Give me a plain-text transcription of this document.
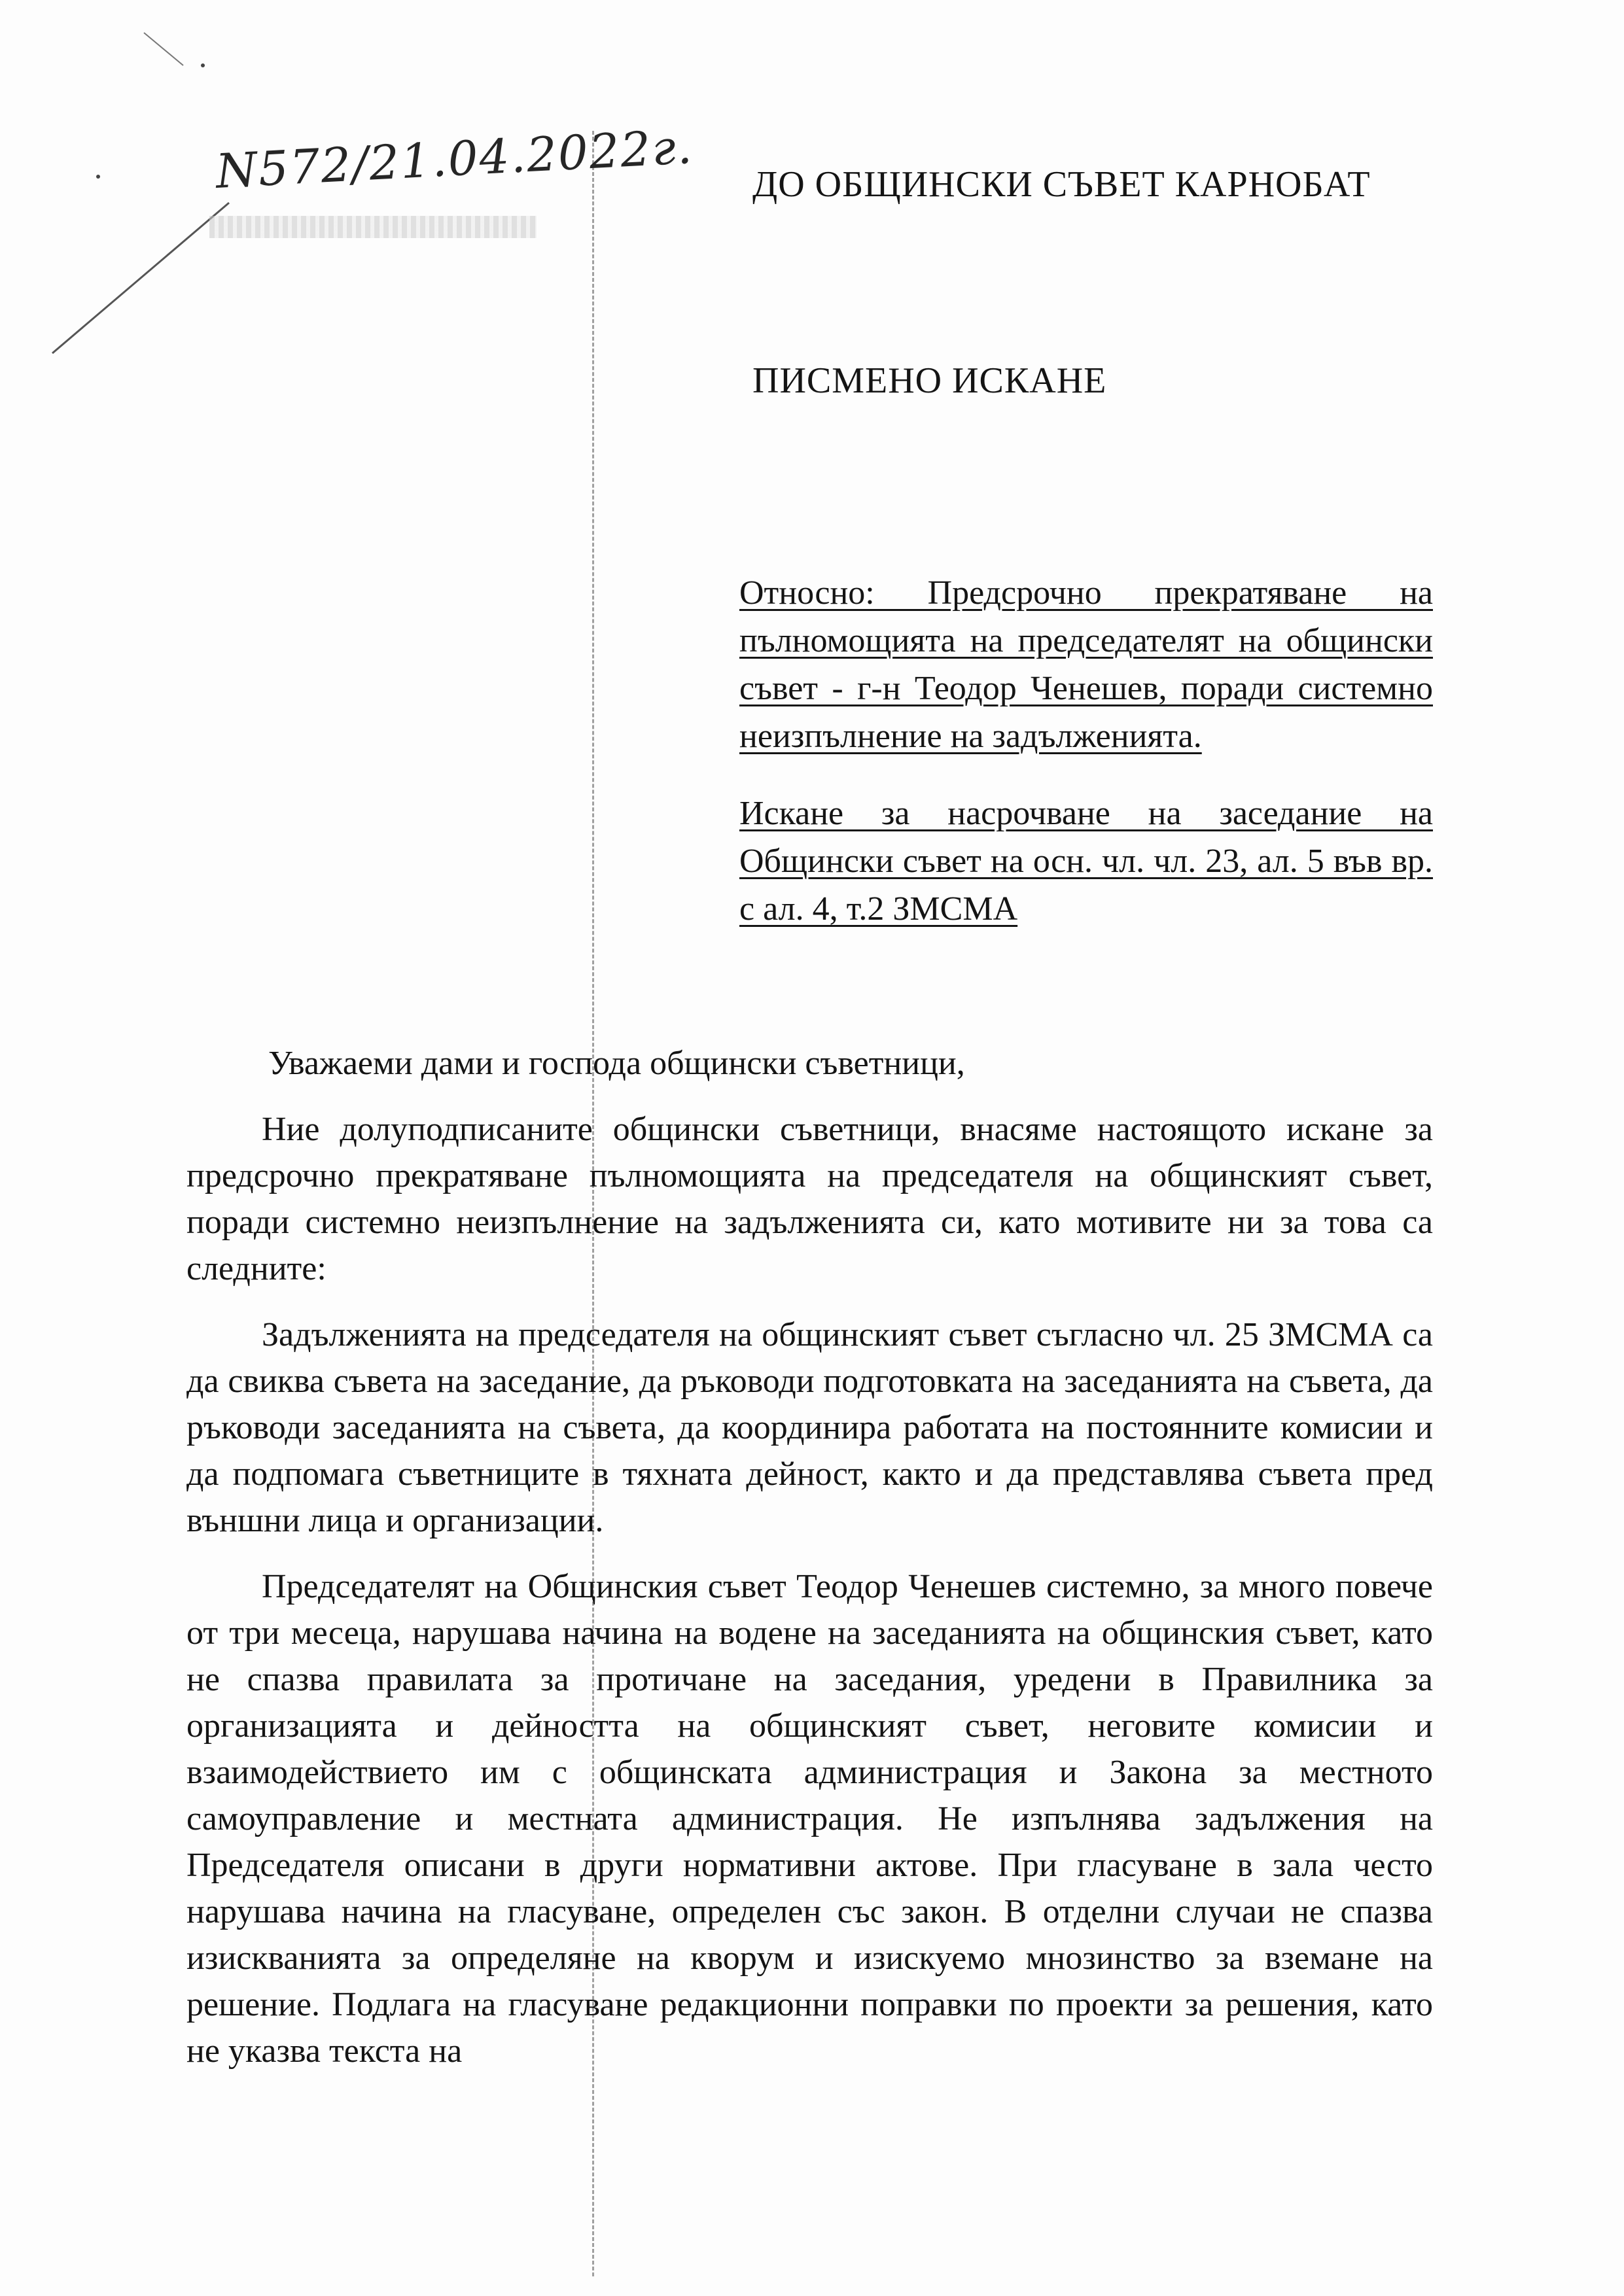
N572/21.04.2022г. ДО ОБЩИНСКИ СЪВЕТ КАРНОБАТ
ПИСМЕНО ИСКАНЕ

Относно: Предсрочно прекратяване на пълномощията на председателят на общински съвет - г-н Теодор Ченешев, поради системно неизпълнение на задълженията.

Искане за насрочване на заседание на Общински съвет на осн. чл. чл. 23, ал. 5 във вр. с ал. 4, т.2 ЗМСМА

Уважаеми дами и господа общински съветници,

Ние долуподписаните общински съветници, внасяме настоящото искане за предсрочно прекратяване пълномощията на председателя на общинският съвет, поради системно неизпълнение на задълженията си, като мотивите ни за това са следните:

Задълженията на председателя на общинският съвет съгласно чл. 25 ЗМСМА са да свиква съвета на заседание, да ръководи подготовката на заседанията на съвета, да ръководи заседанията на съвета, да координира работата на постоянните комисии и да подпомага съветниците в тяхната дейност, както и да представлява съвета пред външни лица и организации.

Председателят на Общинския съвет Теодор Ченешев системно, за много повече от три месеца, нарушава начина на водене на заседанията на общинския съвет, като не спазва правилата за протичане на заседания, уредени в Правилника за организацията и дейността на общинският съвет, неговите комисии и взаимодействието им с общинската администрация и Закона за местното самоуправление и местната администрация. Не изпълнява задължения на Председателя описани в други нормативни актове. При гласуване в зала често нарушава начина на гласуване, определен със закон. В отделни случаи не спазва изискванията за определяне на кворум и изискуемо мнозинство за вземане на решение. Подлага на гласуване редакционни поправки по проекти за решения, като не указва текста на
